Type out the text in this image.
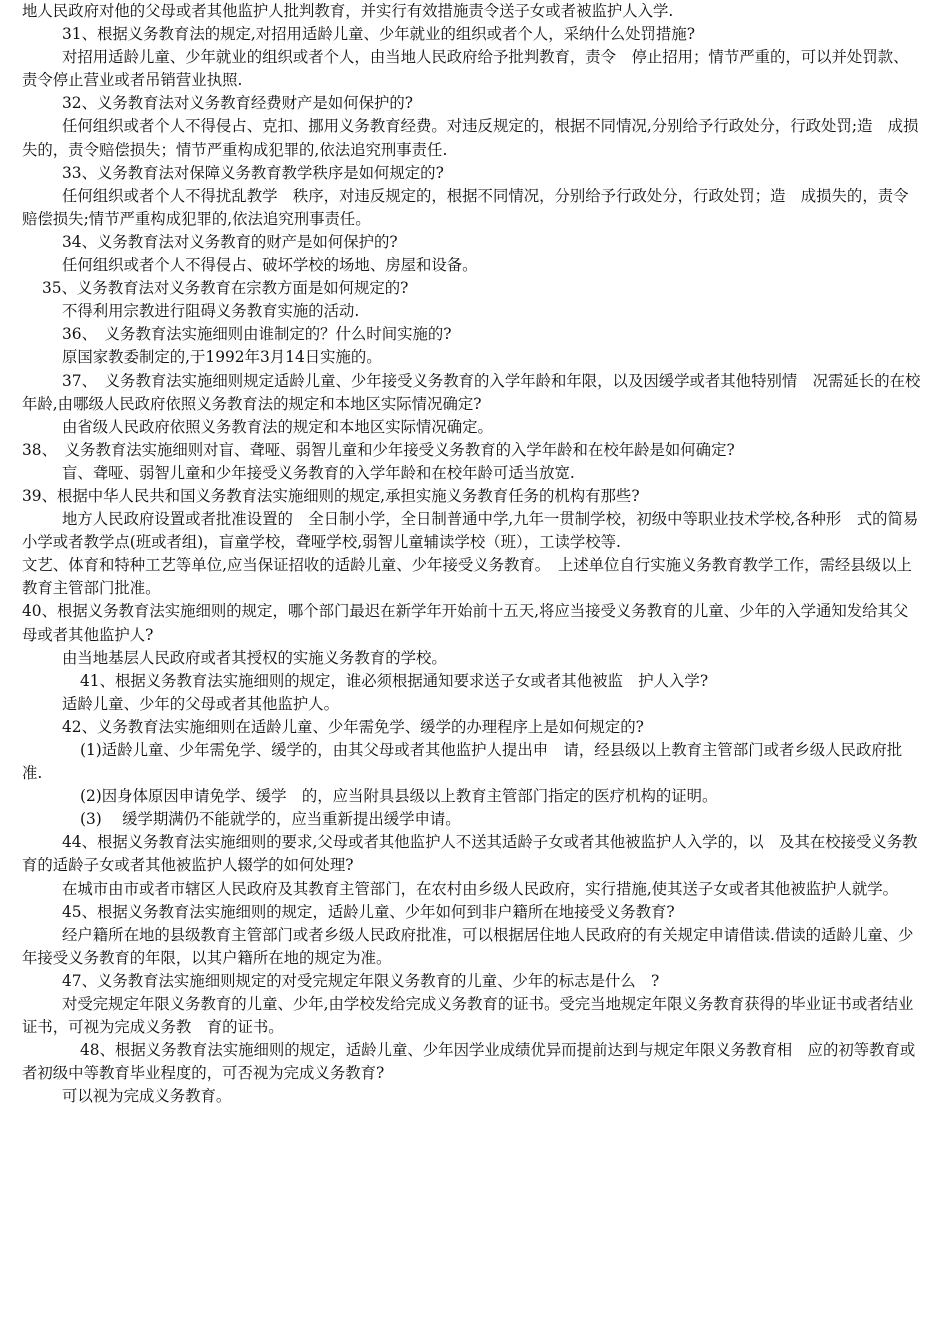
地人民政府对他的父母或者其他监护人批判教育，并实行有效措施责令送子女或者被监护人入学.

31、根据义务教育法的规定,对招用适龄儿童、少年就业的组织或者个人，采纳什么处罚措施?

对招用适龄儿童、少年就业的组织或者个人，由当地人民政府给予批判教育，责令　停止招用；情节严重的，可以并处罚款、责令停止营业或者吊销营业执照.

32、义务教育法对义务教育经费财产是如何保护的?

任何组织或者个人不得侵占、克扣、挪用义务教育经费。对违反规定的，根据不同情况,分别给予行政处分，行政处罚;造　成损失的，责令赔偿损失；情节严重构成犯罪的,依法追究刑事责任.

33、义务教育法对保障义务教育教学秩序是如何规定的?

任何组织或者个人不得扰乱教学　秩序，对违反规定的，根据不同情况，分别给予行政处分，行政处罚；造　成损失的，责令赔偿损失;情节严重构成犯罪的,依法追究刑事责任。

34、义务教育法对义务教育的财产是如何保护的?

任何组织或者个人不得侵占、破坏学校的场地、房屋和设备。

35、义务教育法对义务教育在宗教方面是如何规定的?

不得利用宗教进行阻碍义务教育实施的活动.

36、　义务教育法实施细则由谁制定的？什么时间实施的?

原国家教委制定的,于1992年3月14日实施的。

37、　义务教育法实施细则规定适龄儿童、少年接受义务教育的入学年龄和年限，以及因缓学或者其他特别情　况需延长的在校年龄,由哪级人民政府依照义务教育法的规定和本地区实际情况确定?

由省级人民政府依照义务教育法的规定和本地区实际情况确定。

38、　义务教育法实施细则对盲、聋哑、弱智儿童和少年接受义务教育的入学年龄和在校年龄是如何确定?

盲、聋哑、弱智儿童和少年接受义务教育的入学年龄和在校年龄可适当放宽.

39、根据中华人民共和国义务教育法实施细则的规定,承担实施义务教育任务的机构有那些?

地方人民政府设置或者批准设置的　全日制小学，全日制普通中学,九年一贯制学校，初级中等职业技术学校,各种形　式的简易小学或者教学点(班或者组)，盲童学校，聋哑学校,弱智儿童辅读学校（班），工读学校等.

文艺、体育和特种工艺等单位,应当保证招收的适龄儿童、少年接受义务教育。　上述单位自行实施义务教育教学工作，需经县级以上教育主管部门批准。

40、根据义务教育法实施细则的规定，哪个部门最迟在新学年开始前十五天,将应当接受义务教育的儿童、少年的入学通知发给其父母或者其他监护人?

由当地基层人民政府或者其授权的实施义务教育的学校。

41、根据义务教育法实施细则的规定，谁必须根据通知要求送子女或者其他被监　护人入学?

适龄儿童、少年的父母或者其他监护人。

42、义务教育法实施细则在适龄儿童、少年需免学、缓学的办理程序上是如何规定的?

(1)适龄儿童、少年需免学、缓学的，由其父母或者其他监护人提出申　请，经县级以上教育主管部门或者乡级人民政府批准.

(2)因身体原因申请免学、缓学　的，应当附具县级以上教育主管部门指定的医疗机构的证明。

(3)　 缓学期满仍不能就学的，应当重新提出缓学申请。

44、根据义务教育法实施细则的要求,父母或者其他监护人不送其适龄子女或者其他被监护人入学的，以　及其在校接受义务教育的适龄子女或者其他被监护人辍学的如何处理?

在城市由市或者市辖区人民政府及其教育主管部门，在农村由乡级人民政府，实行措施,使其送子女或者其他被监护人就学。

45、根据义务教育法实施细则的规定，适龄儿童、少年如何到非户籍所在地接受义务教育?

经户籍所在地的县级教育主管部门或者乡级人民政府批准，可以根据居住地人民政府的有关规定申请借读.借读的适龄儿童、少年接受义务教育的年限，以其户籍所在地的规定为准。

47、义务教育法实施细则规定的对受完规定年限义务教育的儿童、少年的标志是什么　?

对受完规定年限义务教育的儿童、少年,由学校发给完成义务教育的证书。受完当地规定年限义务教育获得的毕业证书或者结业证书，可视为完成义务教　育的证书。

48、根据义务教育法实施细则的规定，适龄儿童、少年因学业成绩优异而提前达到与规定年限义务教育相　应的初等教育或者初级中等教育毕业程度的，可否视为完成义务教育?

可以视为完成义务教育。
